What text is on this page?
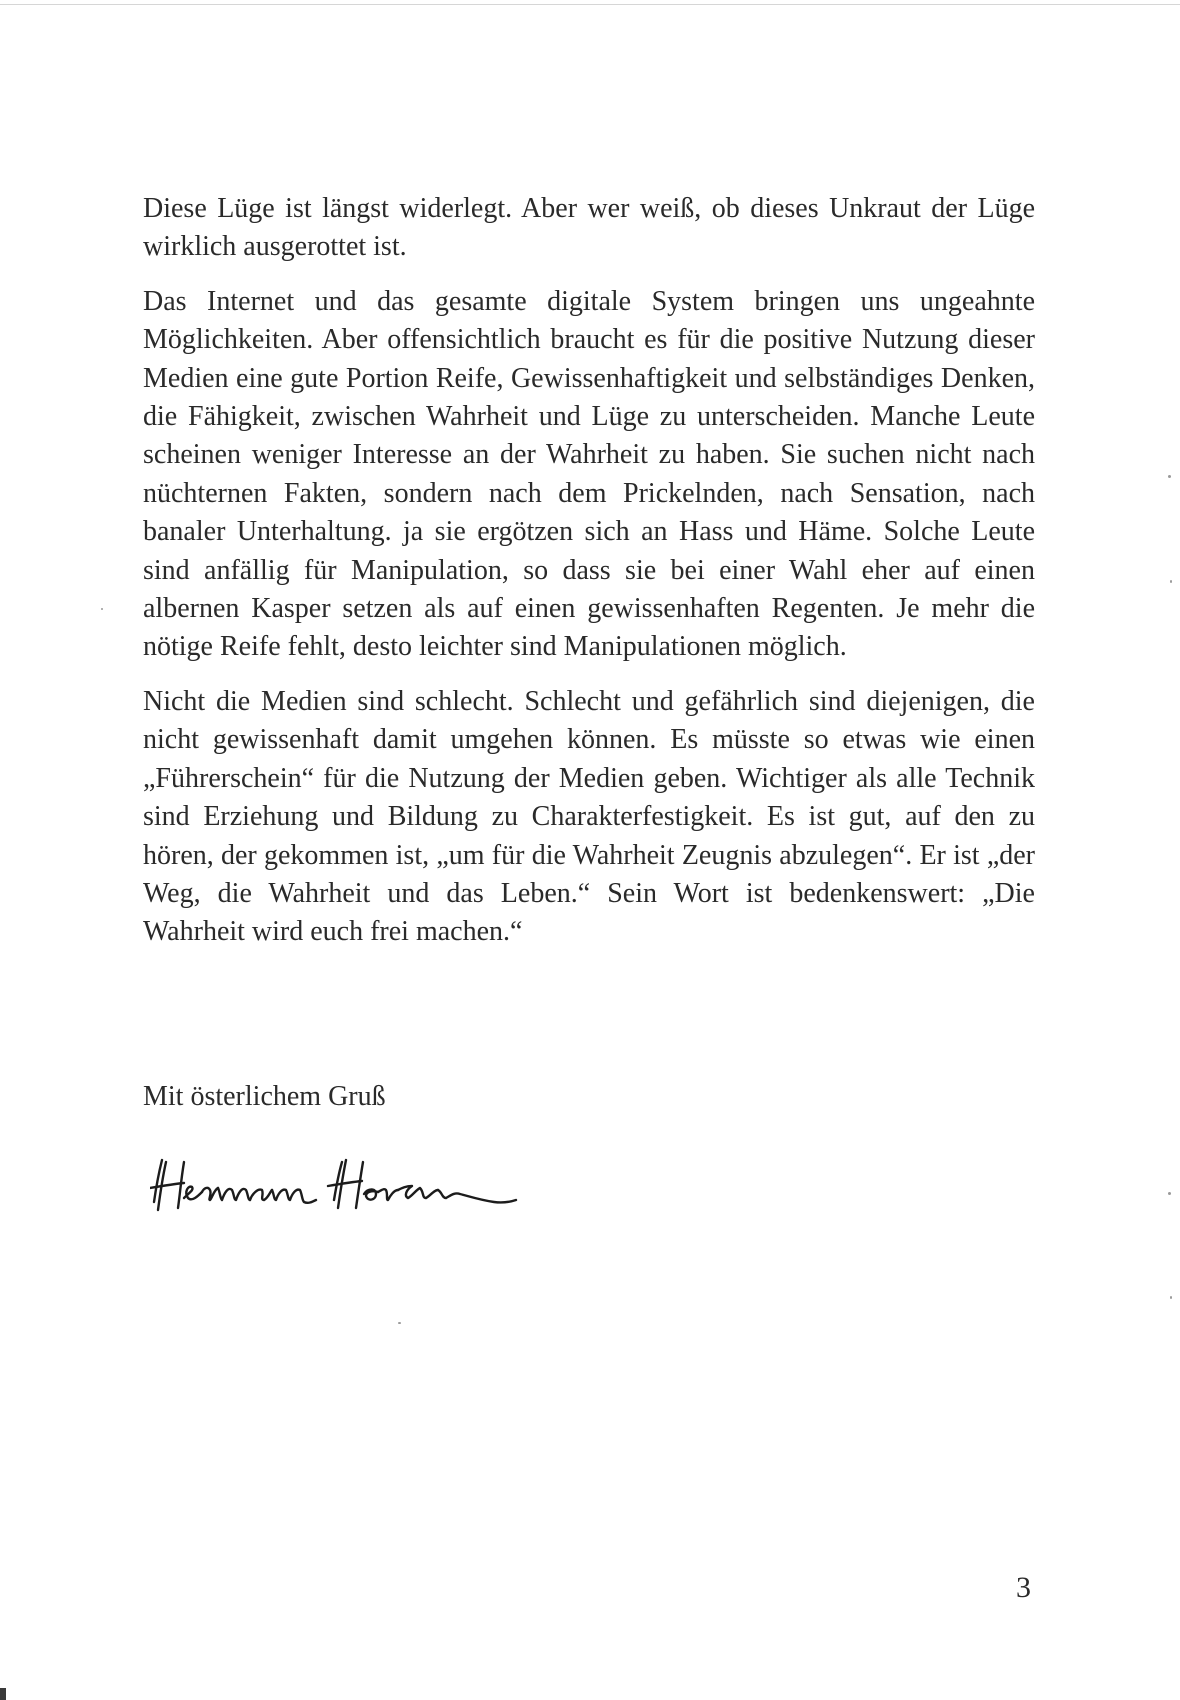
Diese Lüge ist längst widerlegt. Aber wer weiß, ob dieses Unkraut der Lüge wirklich ausgerottet ist.

Das Internet und das gesamte digitale System bringen uns ungeahnte Möglichkeiten. Aber offensichtlich braucht es für die positive Nutzung dieser Medien eine gute Portion Reife, Gewissenhaftigkeit und selbständiges Denken, die Fähigkeit, zwischen Wahrheit und Lüge zu unterscheiden. Manche Leute scheinen weniger Interesse an der Wahrheit zu haben. Sie suchen nicht nach nüchternen Fakten, sondern nach dem Prickelnden, nach Sensation, nach banaler Unterhaltung. ja sie ergötzen sich an Hass und Häme. Solche Leute sind anfällig für Manipulation, so dass sie bei einer Wahl eher auf einen albernen Kasper setzen als auf einen gewissenhaften Regenten. Je mehr die nötige Reife fehlt, desto leichter sind Manipulationen möglich.

Nicht die Medien sind schlecht. Schlecht und gefährlich sind diejenigen, die nicht gewissenhaft damit umgehen können. Es müsste so etwas wie einen „Führerschein“ für die Nutzung der Medien geben. Wichtiger als alle Technik sind Erziehung und Bildung zu Charakterfestigkeit. Es ist gut, auf den zu hören, der gekommen ist, „um für die Wahrheit Zeugnis abzulegen“. Er ist „der Weg, die Wahrheit und das Leben.“ Sein Wort ist bedenkenswert: „Die Wahrheit wird euch frei machen.“

Mit österlichem Gruß

3
